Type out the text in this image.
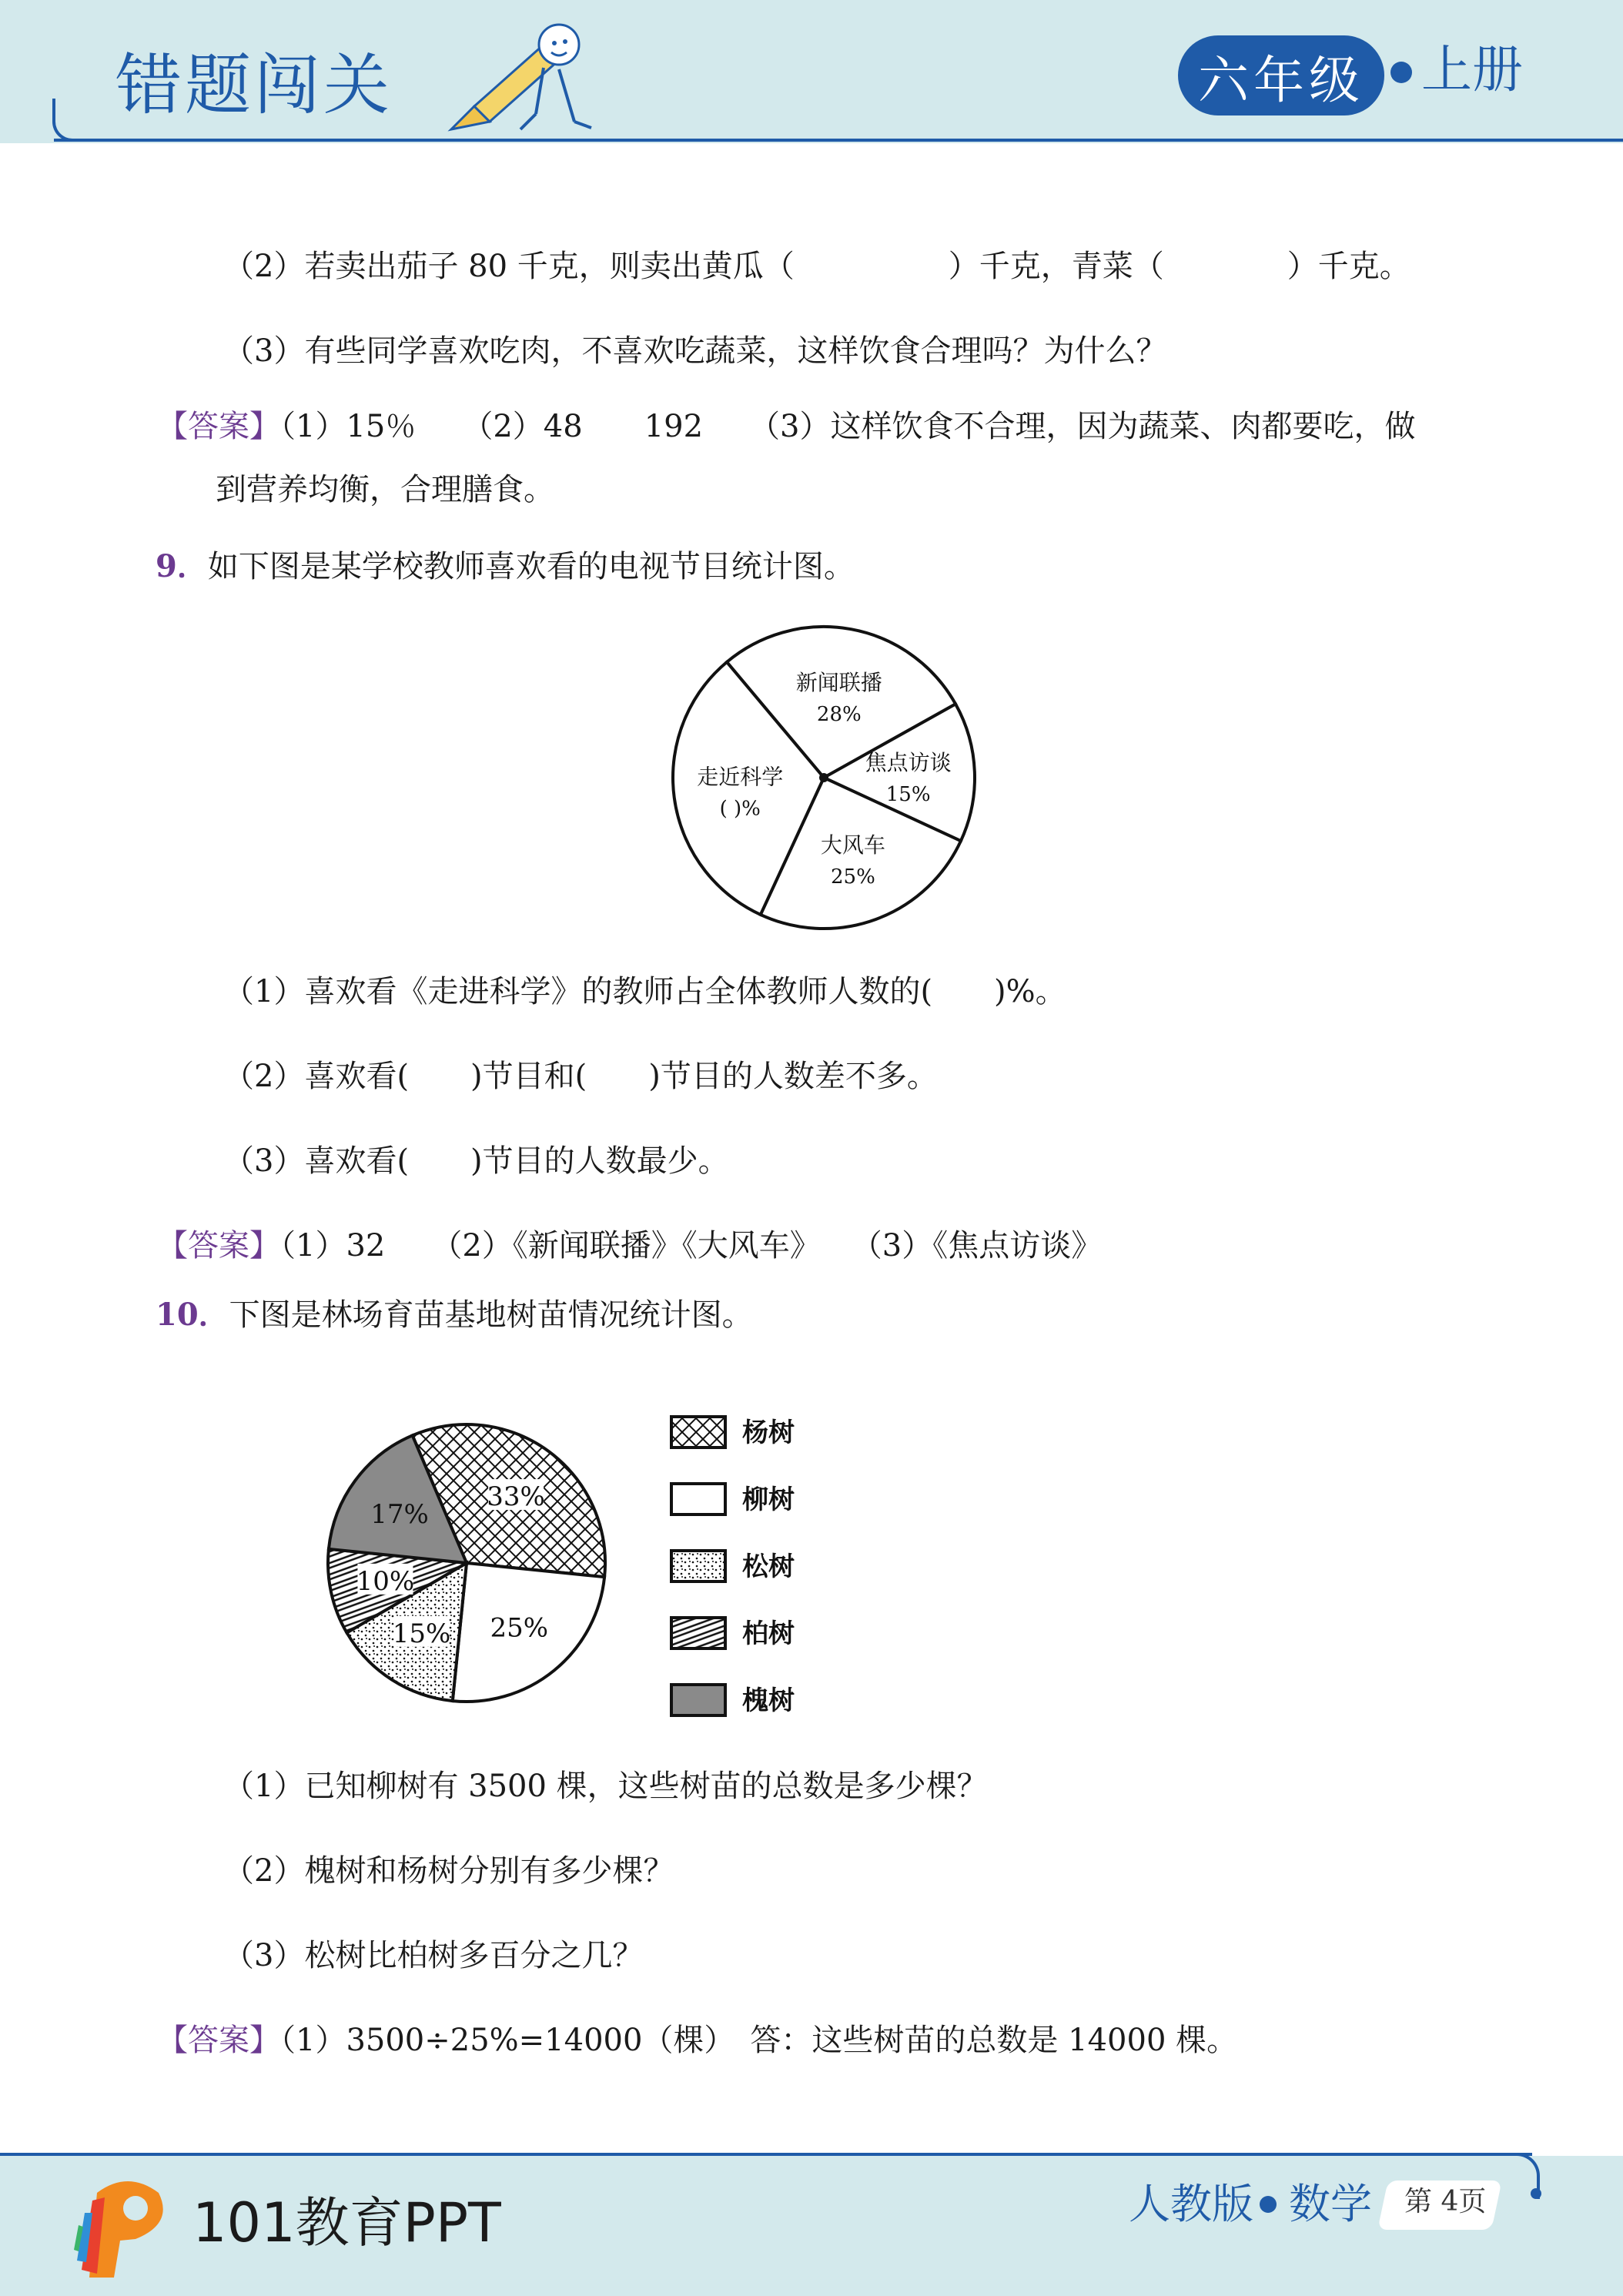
错题闯关	六年级	上册
（2）若卖出茄子 80 千克，则卖出黄瓜（　　　　　）千克，青菜（　　　　）千克。
（3）有些同学喜欢吃肉，不喜欢吃蔬菜，这样饮食合理吗？为什么？
【答案】（1）15％　　（2）48　　192　　（3）这样饮食不合理，因为蔬菜、肉都要吃，做
到营养均衡，合理膳食。
9．如下图是某学校教师喜欢看的电视节目统计图。
新闻联播
28%
焦点访谈
15%
大风车
25%
走近科学
( )%
（1）喜欢看《走进科学》的教师占全体教师人数的(　　)%。
（2）喜欢看(　　)节目和(　　)节目的人数差不多。
（3）喜欢看(　　)节目的人数最少。
【答案】（1）32　　（2）《新闻联播》《大风车》　　（3）《焦点访谈》
10．下图是林场育苗基地树苗情况统计图。
33%
25%
15%
10%
17%
杨树
柳树
松树
柏树
槐树
（1）已知柳树有 3500 棵，这些树苗的总数是多少棵？
（2）槐树和杨树分别有多少棵？
（3）松树比柏树多百分之几？
【答案】（1）3500÷25%=14000（棵）　答：这些树苗的总数是 14000 棵。
101教育PPT	人教版 数学 第 4页
